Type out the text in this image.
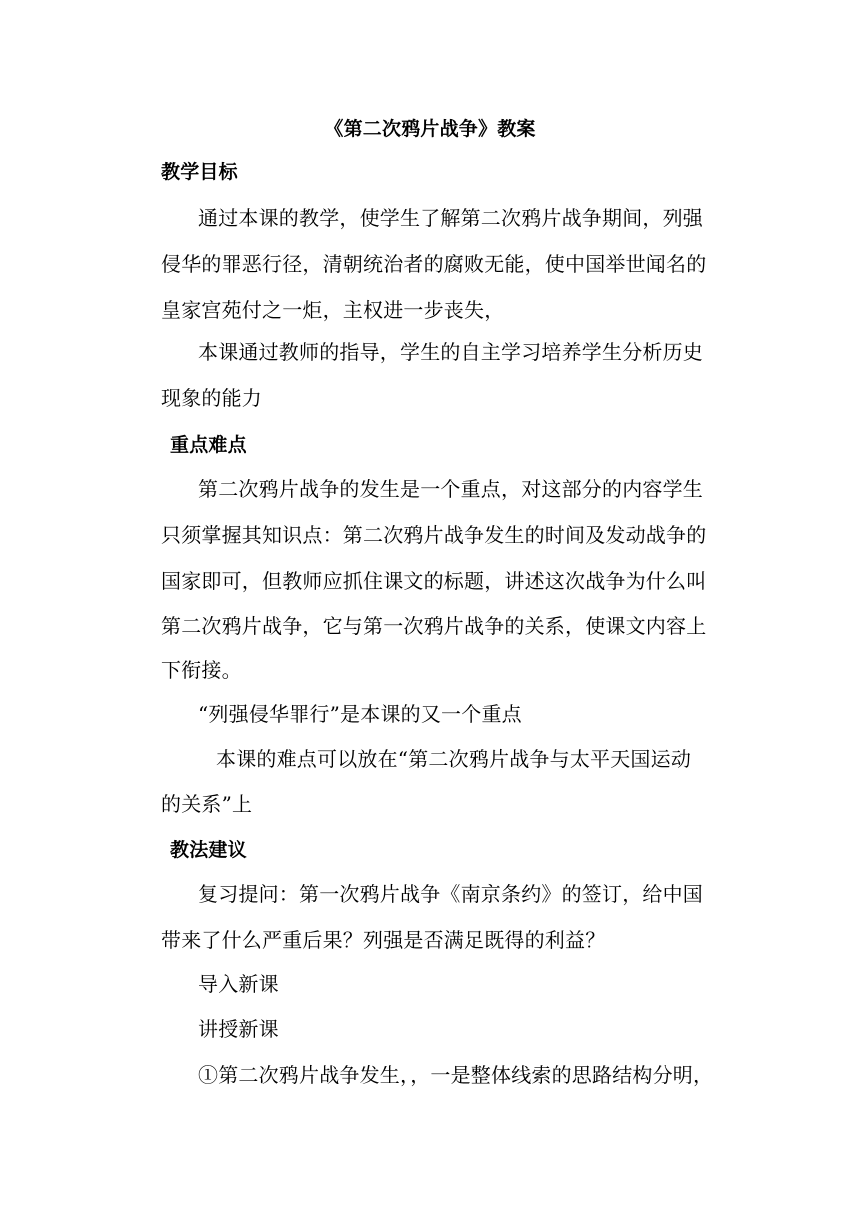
《第二次鸦片战争》教案
教学目标
通过本课的教学，使学生了解第二次鸦片战争期间，列强
侵华的罪恶行径，清朝统治者的腐败无能，使中国举世闻名的
皇家宫苑付之一炬，主权进一步丧失，
本课通过教师的指导，学生的自主学习培养学生分析历史
现象的能力
重点难点
第二次鸦片战争的发生是一个重点，对这部分的内容学生
只须掌握其知识点：第二次鸦片战争发生的时间及发动战争的
国家即可，但教师应抓住课文的标题，讲述这次战争为什么叫
第二次鸦片战争，它与第一次鸦片战争的关系，使课文内容上
下衔接。
“列强侵华罪行”是本课的又一个重点
本课的难点可以放在“第二次鸦片战争与太平天国运动
的关系”上
教法建议
复习提问：第一次鸦片战争《南京条约》的签订，给中国
带来了什么严重后果？列强是否满足既得的利益？
导入新课
讲授新课
①第二次鸦片战争发生，，一是整体线索的思路结构分明，
